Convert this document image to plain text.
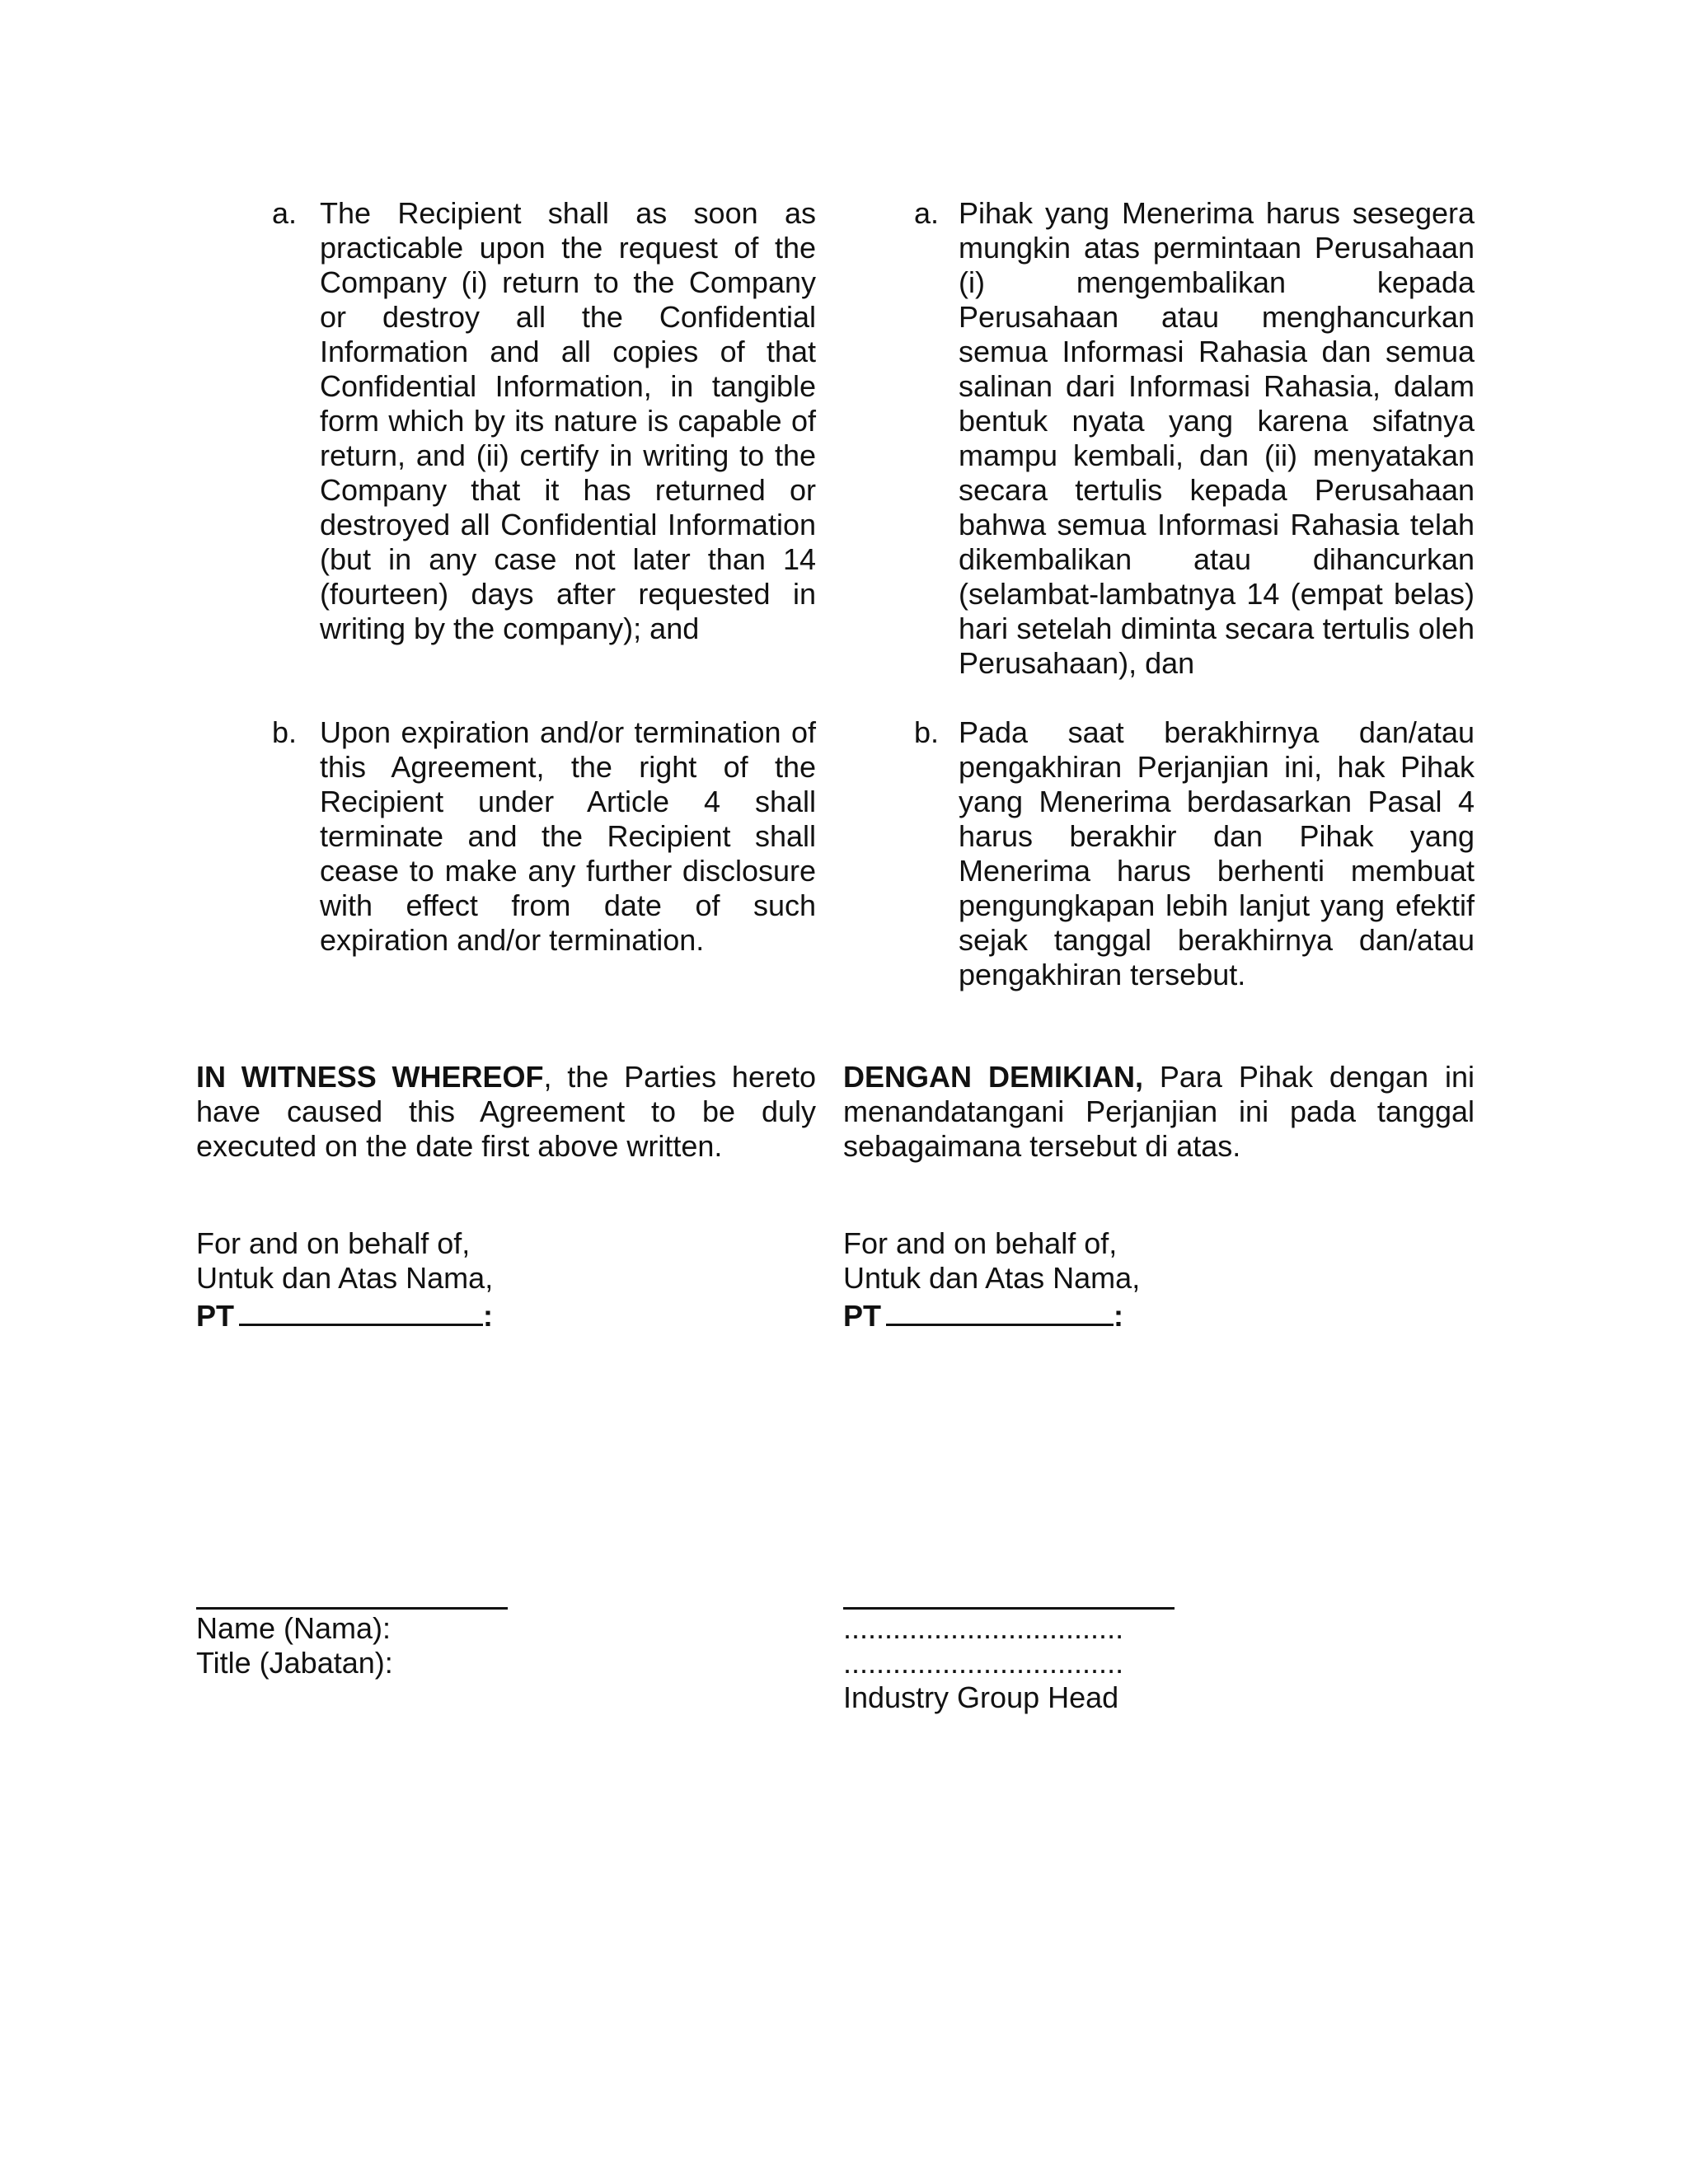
a. The Recipient shall as soon as practicable upon the request of the Company (i) return to the Company or destroy all the Confidential Information and all copies of that Confidential Information, in tangible form which by its nature is capable of return, and (ii) certify in writing to the Company that it has returned or destroyed all Confidential Information (but in any case not later than 14 (fourteen) days after requested in writing by the company); and
b. Upon expiration and/or termination of this Agreement, the right of the Recipient under Article 4 shall terminate and the Recipient shall cease to make any further disclosure with effect from date of such expiration and/or termination.
IN WITNESS WHEREOF, the Parties hereto have caused this Agreement to be duly executed on the date first above written.
For and on behalf of,
Untuk dan Atas Nama,
PT	:
Name (Nama):
Title (Jabatan):
a. Pihak yang Menerima harus sesegera mungkin atas permintaan Perusahaan (i) mengembalikan kepada Perusahaan atau menghancurkan semua Informasi Rahasia dan semua salinan dari Informasi Rahasia, dalam bentuk nyata yang karena sifatnya mampu kembali, dan (ii) menyatakan secara tertulis kepada Perusahaan bahwa semua Informasi Rahasia telah dikembalikan atau dihancurkan (selambat-lambatnya 14 (empat belas) hari setelah diminta secara tertulis oleh Perusahaan), dan
b. Pada saat berakhirnya dan/atau pengakhiran Perjanjian ini, hak Pihak yang Menerima berdasarkan Pasal 4 harus berakhir dan Pihak yang Menerima harus berhenti membuat pengungkapan lebih lanjut yang efektif sejak tanggal berakhirnya dan/atau pengakhiran tersebut.
DENGAN DEMIKIAN, Para Pihak dengan ini menandatangani Perjanjian ini pada tanggal sebagaimana tersebut di atas.
For and on behalf of,
Untuk dan Atas Nama,
PT	:
..................................
..................................
Industry Group Head
